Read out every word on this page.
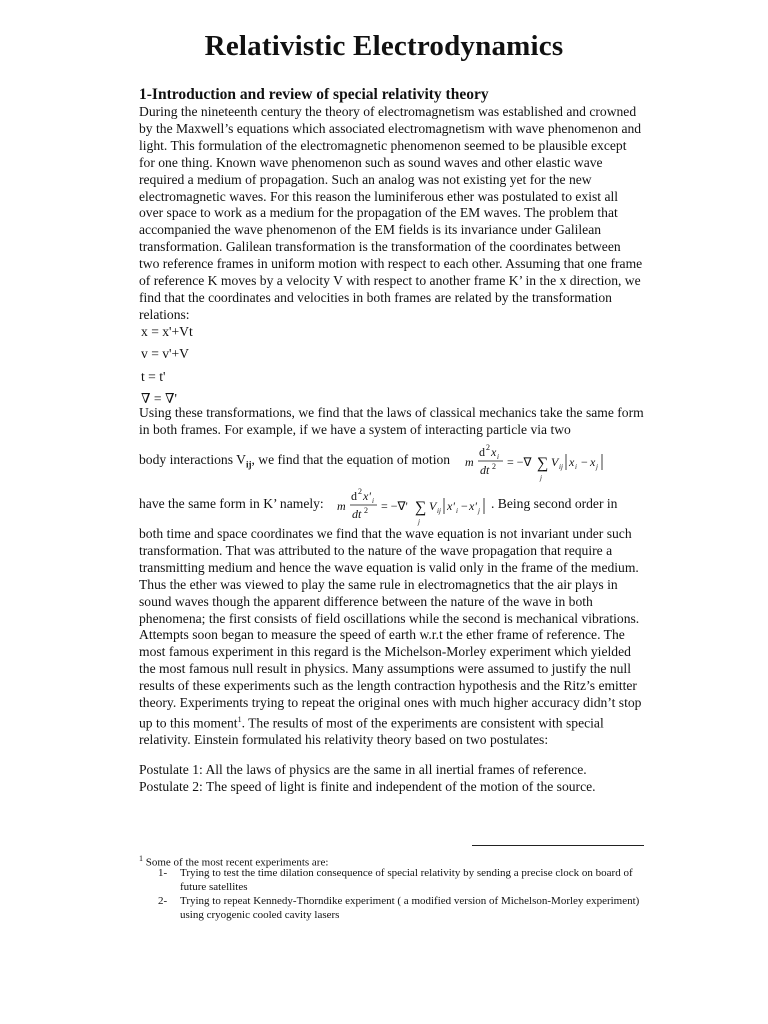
Relativistic Electrodynamics
1-Introduction and review of special relativity theory
During the nineteenth century the theory of electromagnetism was established and crowned by the Maxwell’s equations which associated electromagnetism with wave phenomenon and light. This formulation of the electromagnetic phenomenon seemed to be plausible except for one thing. Known wave phenomenon such as sound waves and other elastic wave required a medium of propagation. Such an analog was not existing yet for the new electromagnetic waves. For this reason the luminiferous ether was postulated to exist all over space to work as a medium for the propagation of the EM waves. The problem that accompanied the wave phenomenon of the EM fields is its invariance under Galilean transformation. Galilean transformation is the transformation of the coordinates between two reference frames in uniform motion with respect to each other. Assuming that one frame of reference K moves by a velocity V with respect to another frame K’ in the x direction, we find that the coordinates and velocities in both frames are related by the transformation relations:
x = x'+Vt
v = v'+V
t = t'
∇ = ∇'
Using these transformations, we find that the laws of classical mechanics take the same form in both frames. For example, if we have a system of interacting particle via two
body interactions $V_{ij}$, we find that the equation of motion	m
d 2 x i
dt 2 = −∇ ∑
j
V ij x i − x j
have the same form in K’ namely:	m
d 2 x' i
dt 2 = −∇' ∑
j
V ij x' i − x' j . Being second order in
both time and space coordinates we find that the wave equation is not invariant under such transformation. That was attributed to the nature of the wave propagation that require a transmitting medium and hence the wave equation is valid only in the frame of the medium. Thus the ether was viewed to play the same rule in electromagnetics that the air plays in sound waves though the apparent difference between the nature of the wave in both phenomena; the first consists of field oscillations while the second is mechanical vibrations. Attempts soon began to measure the speed of earth w.r.t the ether frame of reference. The most famous experiment in this regard is the Michelson-Morley experiment which yielded the most famous null result in physics. Many assumptions were assumed to justify the null results of these experiments such as the length contraction hypothesis and the Ritz’s emitter theory. Experiments trying to repeat the original ones with much higher accuracy didn’t stop up to this moment$^1$. The results of most of the experiments are consistent with special relativity. Einstein formulated his relativity theory based on two postulates:
Postulate 1: All the laws of physics are the same in all inertial frames of reference.
Postulate 2: The speed of light is finite and independent of the motion of the source.
$^1$ Some of the most recent experiments are:
1- Trying to test the time dilation consequence of special relativity by sending a precise clock on board of future satellites
2- Trying to repeat Kennedy-Thorndike experiment ( a modified version of Michelson-Morley experiment) using cryogenic cooled cavity lasers
